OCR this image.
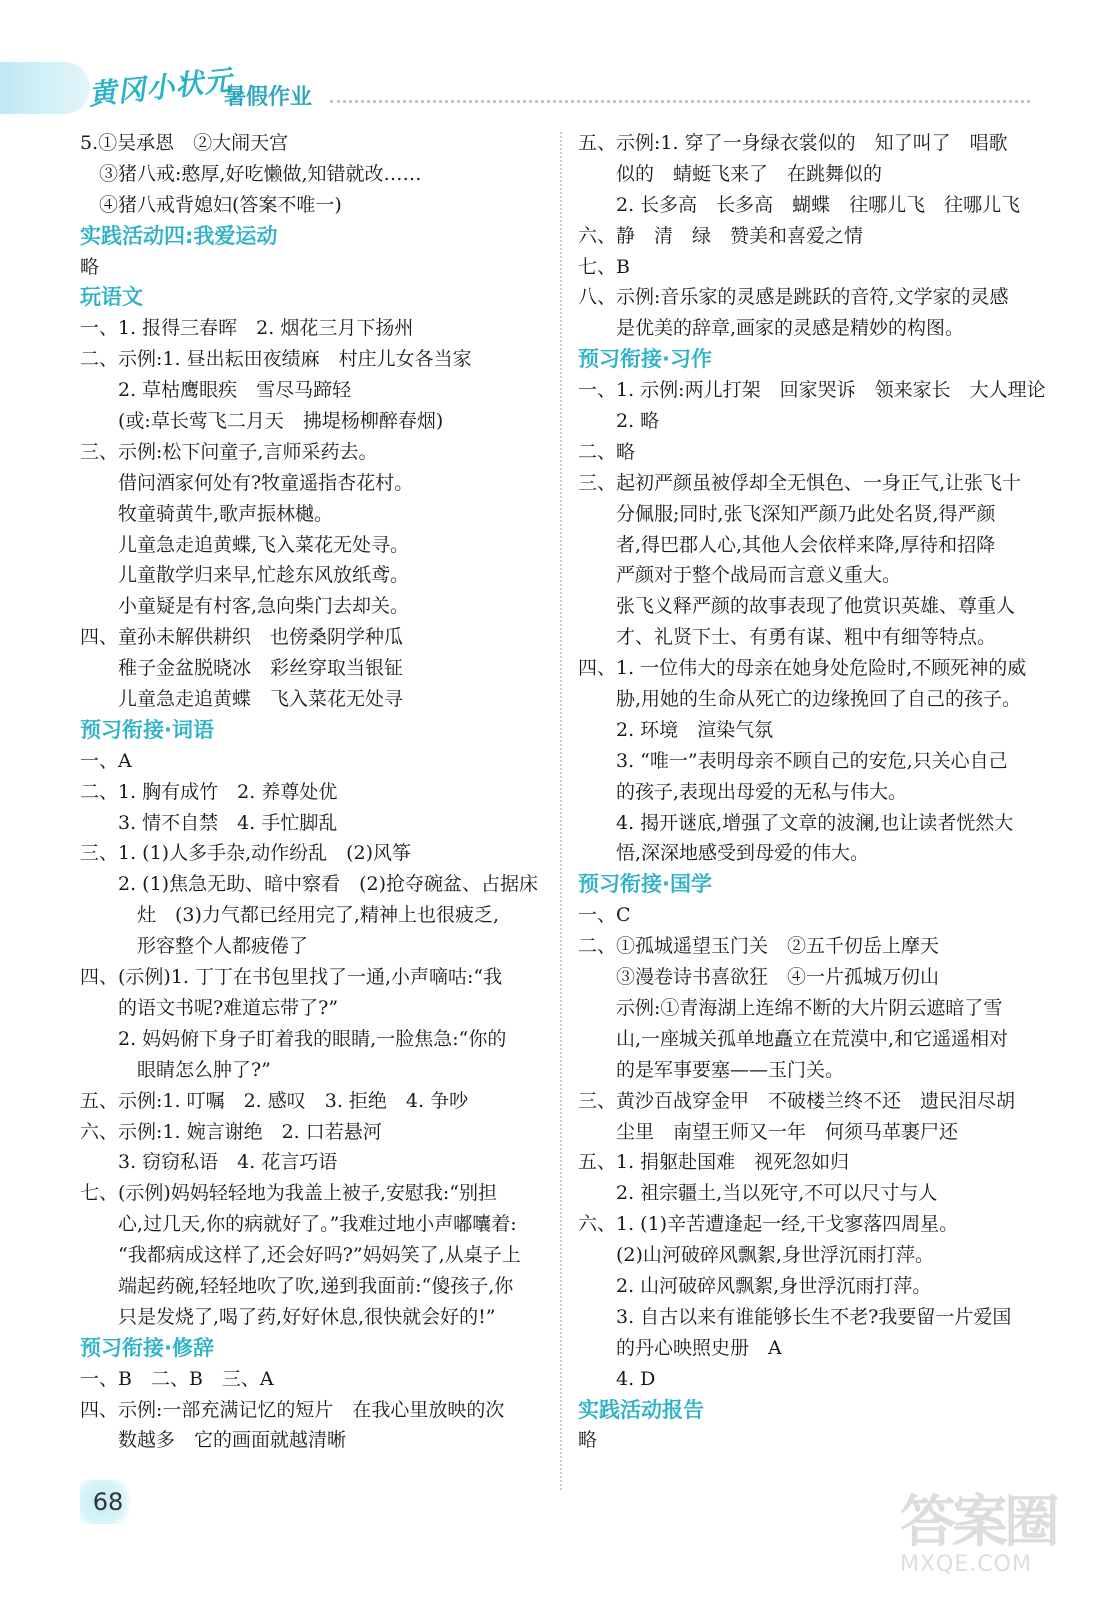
黄冈小状元
暑假作业
5.①吴承恩　②大闹天宫
　③猪八戒:憨厚,好吃懒做,知错就改……
　④猪八戒背媳妇(答案不唯一)
实践活动四:我爱运动
略
玩语文
一、1. 报得三春晖　2. 烟花三月下扬州
二、示例:1. 昼出耘田夜绩麻　村庄儿女各当家
　　2. 草枯鹰眼疾　雪尽马蹄轻
　　(或:草长莺飞二月天　拂堤杨柳醉春烟)
三、示例:松下问童子,言师采药去。
　　借问酒家何处有?牧童遥指杏花村。
　　牧童骑黄牛,歌声振林樾。
　　儿童急走追黄蝶,飞入菜花无处寻。
　　儿童散学归来早,忙趁东风放纸鸢。
　　小童疑是有村客,急向柴门去却关。
四、童孙未解供耕织　也傍桑阴学种瓜
　　稚子金盆脱晓冰　彩丝穿取当银钲
　　儿童急走追黄蝶　飞入菜花无处寻
预习衔接·词语
一、A
二、1. 胸有成竹　2. 养尊处优
　　3. 情不自禁　4. 手忙脚乱
三、1. (1)人多手杂,动作纷乱　(2)风筝
　　2. (1)焦急无助、暗中察看　(2)抢夺碗盆、占据床
　　　灶　(3)力气都已经用完了,精神上也很疲乏,
　　　形容整个人都疲倦了
四、(示例)1. 丁丁在书包里找了一通,小声嘀咕:“我
　　的语文书呢?难道忘带了?”
　　2. 妈妈俯下身子盯着我的眼睛,一脸焦急:“你的
　　　眼睛怎么肿了?”
五、示例:1. 叮嘱　2. 感叹　3. 拒绝　4. 争吵
六、示例:1. 婉言谢绝　2. 口若悬河
　　3. 窃窃私语　4. 花言巧语
七、(示例)妈妈轻轻地为我盖上被子,安慰我:“别担
　　心,过几天,你的病就好了。”我难过地小声嘟囔着:
　　“我都病成这样了,还会好吗?”妈妈笑了,从桌子上
　　端起药碗,轻轻地吹了吹,递到我面前:“傻孩子,你
　　只是发烧了,喝了药,好好休息,很快就会好的!”
预习衔接·修辞
一、B　二、B　三、A
四、示例:一部充满记忆的短片　在我心里放映的次
　　数越多　它的画面就越清晰
五、示例:1. 穿了一身绿衣裳似的　知了叫了　唱歌
　　似的　蜻蜓飞来了　在跳舞似的
　　2. 长多高　长多高　蝴蝶　往哪儿飞　往哪儿飞
六、静　清　绿　赞美和喜爱之情
七、B
八、示例:音乐家的灵感是跳跃的音符,文学家的灵感
　　是优美的辞章,画家的灵感是精妙的构图。
预习衔接·习作
一、1. 示例:两儿打架　回家哭诉　领来家长　大人理论
　　2. 略
二、略
三、起初严颜虽被俘却全无惧色、一身正气,让张飞十
　　分佩服;同时,张飞深知严颜乃此处名贤,得严颜
　　者,得巴郡人心,其他人会依样来降,厚待和招降
　　严颜对于整个战局而言意义重大。
　　张飞义释严颜的故事表现了他赏识英雄、尊重人
　　才、礼贤下士、有勇有谋、粗中有细等特点。
四、1. 一位伟大的母亲在她身处危险时,不顾死神的威
　　胁,用她的生命从死亡的边缘挽回了自己的孩子。
　　2. 环境　渲染气氛
　　3. “唯一”表明母亲不顾自己的安危,只关心自己
　　的孩子,表现出母爱的无私与伟大。
　　4. 揭开谜底,增强了文章的波澜,也让读者恍然大
　　悟,深深地感受到母爱的伟大。
预习衔接·国学
一、C
二、①孤城遥望玉门关　②五千仞岳上摩天
　　③漫卷诗书喜欲狂　④一片孤城万仞山
　　示例:①青海湖上连绵不断的大片阴云遮暗了雪
　　山,一座城关孤单地矗立在荒漠中,和它遥遥相对
　　的是军事要塞——玉门关。
三、黄沙百战穿金甲　不破楼兰终不还　遗民泪尽胡
　　尘里　南望王师又一年　何须马革裹尸还
五、1. 捐躯赴国难　视死忽如归
　　2. 祖宗疆土,当以死守,不可以尺寸与人
六、1. (1)辛苦遭逢起一经,干戈寥落四周星。
　　(2)山河破碎风飘絮,身世浮沉雨打萍。
　　2. 山河破碎风飘絮,身世浮沉雨打萍。
　　3. 自古以来有谁能够长生不老?我要留一片爱国
　　的丹心映照史册　A
　　4. D
实践活动报告
略
68	答案圈
MXQE.COM
